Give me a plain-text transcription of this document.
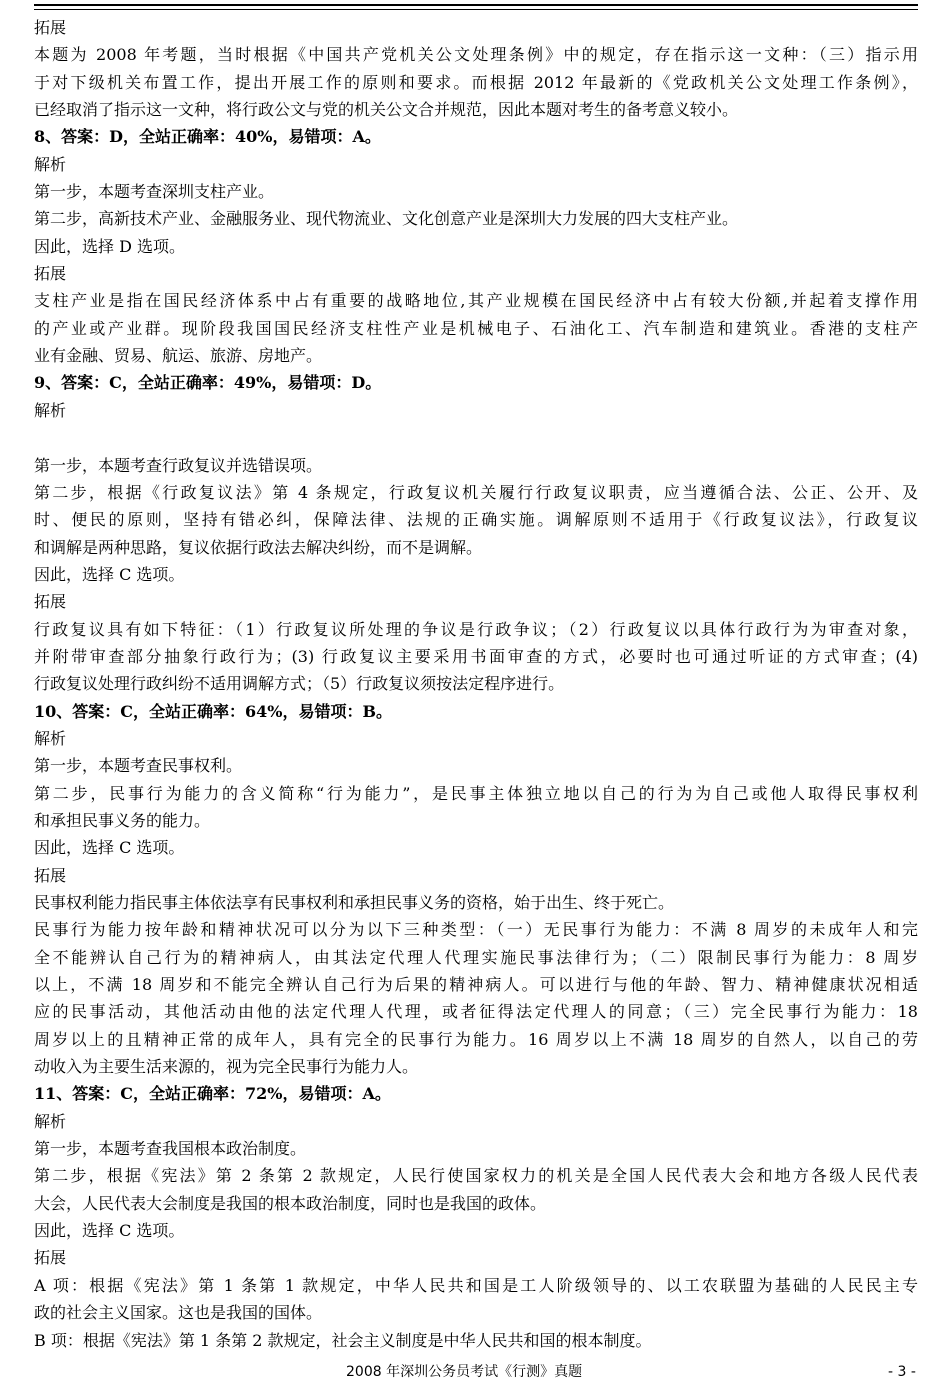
拓展
本题为 2008 年考题，当时根据《中国共产党机关公文处理条例》中的规定，存在指示这一文种：（三）指示用
于对下级机关布置工作，提出开展工作的原则和要求。而根据 2012 年最新的《党政机关公文处理工作条例》，
已经取消了指示这一文种，将行政公文与党的机关公文合并规范，因此本题对考生的备考意义较小。
8、答案：D，全站正确率：40%，易错项：A。
解析
第一步，本题考查深圳支柱产业。
第二步，高新技术产业、金融服务业、现代物流业、文化创意产业是深圳大力发展的四大支柱产业。
因此，选择 D 选项。
拓展
支柱产业是指在国民经济体系中占有重要的战略地位,其产业规模在国民经济中占有较大份额,并起着支撑作用
的产业或产业群。现阶段我国国民经济支柱性产业是机械电子、石油化工、汽车制造和建筑业。香港的支柱产
业有金融、贸易、航运、旅游、房地产。
9、答案：C，全站正确率：49%，易错项：D。
解析
第一步，本题考查行政复议并选错误项。
第二步，根据《行政复议法》第 4 条规定，行政复议机关履行行政复议职责，应当遵循合法、公正、公开、及
时、便民的原则，坚持有错必纠，保障法律、法规的正确实施。调解原则不适用于《行政复议法》，行政复议
和调解是两种思路，复议依据行政法去解决纠纷，而不是调解。
因此，选择 C 选项。
拓展
行政复议具有如下特征：（1）行政复议所处理的争议是行政争议；（2）行政复议以具体行政行为为审查对象，
并附带审查部分抽象行政行为；(3) 行政复议主要采用书面审查的方式，必要时也可通过听证的方式审查；(4)
行政复议处理行政纠纷不适用调解方式；（5）行政复议须按法定程序进行。
10、答案：C，全站正确率：64%，易错项：B。
解析
第一步，本题考查民事权利。
第二步，民事行为能力的含义简称“行为能力”，是民事主体独立地以自己的行为为自己或他人取得民事权利
和承担民事义务的能力。
因此，选择 C 选项。
拓展
民事权利能力指民事主体依法享有民事权利和承担民事义务的资格，始于出生、终于死亡。
民事行为能力按年龄和精神状况可以分为以下三种类型：（一）无民事行为能力：不满 8 周岁的未成年人和完
全不能辨认自己行为的精神病人，由其法定代理人代理实施民事法律行为；（二）限制民事行为能力：8 周岁
以上，不满 18 周岁和不能完全辨认自己行为后果的精神病人。可以进行与他的年龄、智力、精神健康状况相适
应的民事活动，其他活动由他的法定代理人代理，或者征得法定代理人的同意；（三）完全民事行为能力：18
周岁以上的且精神正常的成年人，具有完全的民事行为能力。16 周岁以上不满 18 周岁的自然人，以自己的劳
动收入为主要生活来源的，视为完全民事行为能力人。
11、答案：C，全站正确率：72%，易错项：A。
解析
第一步，本题考查我国根本政治制度。
第二步，根据《宪法》第 2 条第 2 款规定，人民行使国家权力的机关是全国人民代表大会和地方各级人民代表
大会，人民代表大会制度是我国的根本政治制度，同时也是我国的政体。
因此，选择 C 选项。
拓展
A 项：根据《宪法》第 1 条第 1 款规定，中华人民共和国是工人阶级领导的、以工农联盟为基础的人民民主专
政的社会主义国家。这也是我国的国体。
B 项：根据《宪法》第 1 条第 2 款规定，社会主义制度是中华人民共和国的根本制度。
2008 年深圳公务员考试《行测》真题	- 3 -
